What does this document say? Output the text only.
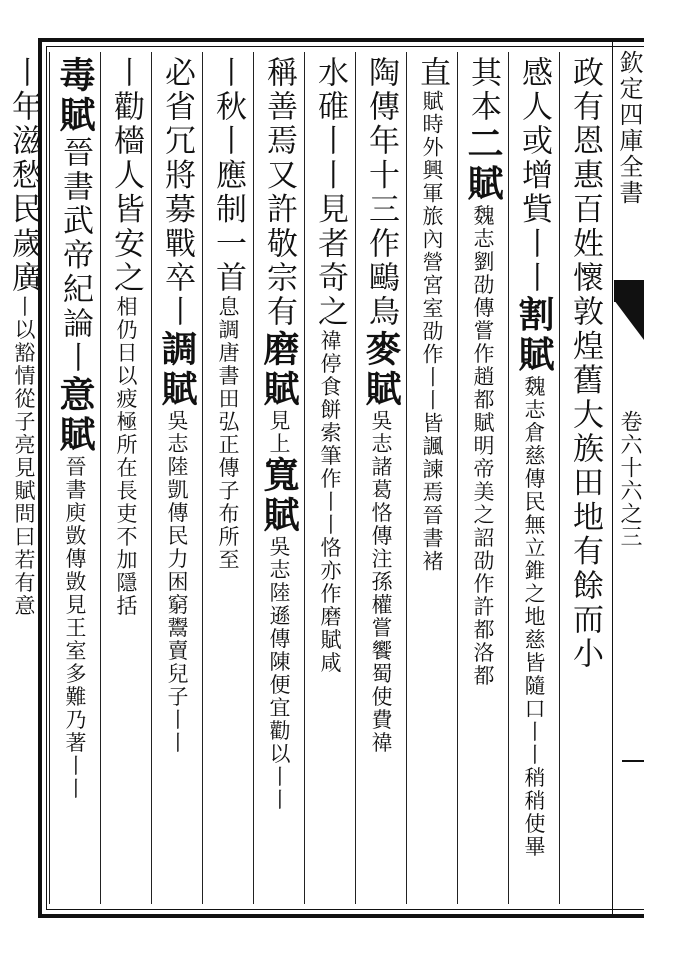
欽定四庫全書
卷六十六之三
政有恩惠百姓懷敦煌舊大族田地有餘而小
感人或增貲丨丨割賦魏志倉慈傳民無立錐之地慈皆隨口丨丨稍稍使畢
其本二賦魏志劉劭傳嘗作趙都賦明帝美之詔劭作許都洛都
直賦時外興軍旅內營宮室劭作丨丨皆諷諫焉晉書褚
陶傳年十三作鷗鳥麥賦吳志諸葛恪傳注孫權嘗饗蜀使費禕
水碓丨丨見者奇之禕停食餅索筆作丨丨恪亦作磨賦咸
稱善焉又許敬宗有磨賦見上寬賦吳志陸遜傳陳便宜勸以丨丨
丨秋丨應制一首息調唐書田弘正傳子布所至
必省冗將募戰卒丨調賦吳志陸凱傳民力困窮鬻賣兒子丨丨
丨勸檣人皆安之相仍日以疲極所在長吏不加隱括
毒賦晉書武帝紀論丨意賦晉書庾敳傳敳見王室多難乃著丨丨
丨年滋愁民歲廣丨以豁情從子亮見賦問曰若有意
